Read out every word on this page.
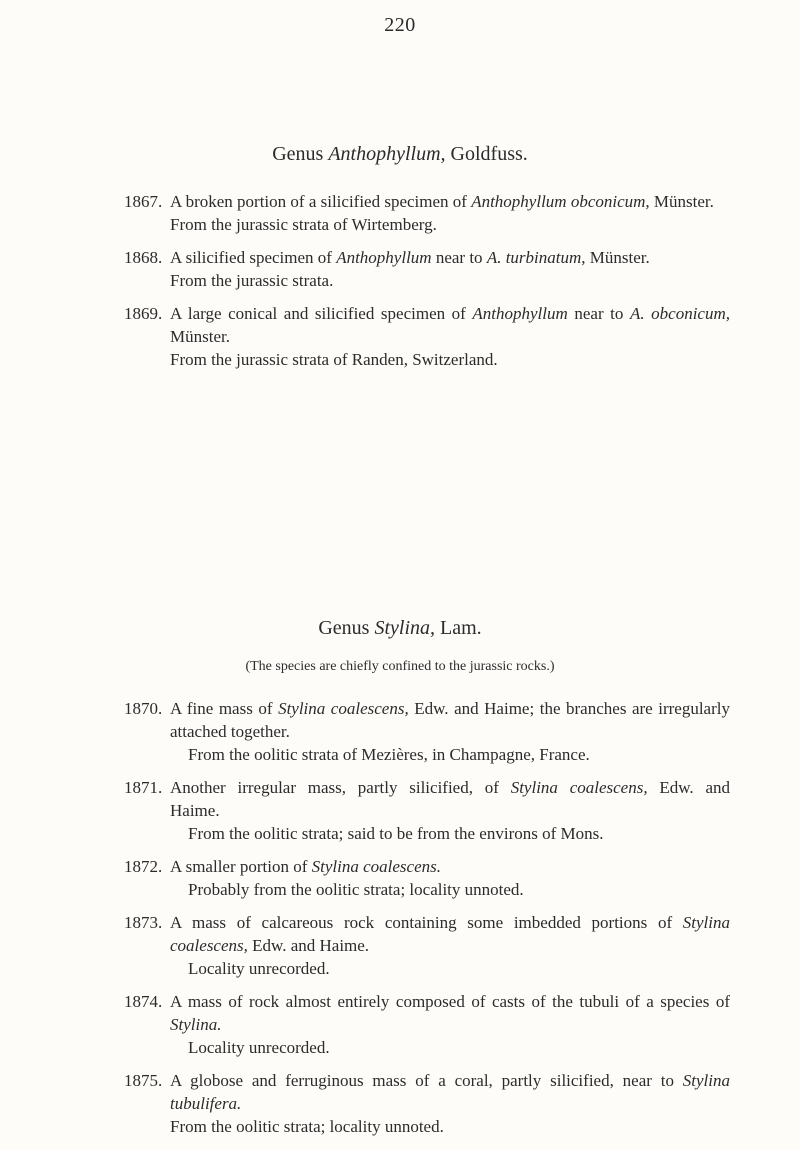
220
Genus Anthophyllum, Goldfuss.
1867. A broken portion of a silicified specimen of Anthophyllum obconicum, Münster.
From the jurassic strata of Wirtemberg.
1868. A silicified specimen of Anthophyllum near to A. turbinatum, Münster.
From the jurassic strata.
1869. A large conical and silicified specimen of Anthophyllum near to A. obconicum,
Münster.
From the jurassic strata of Randen, Switzerland.
Genus Stylina, Lam.
(The species are chiefly confined to the jurassic rocks.)
1870. A fine mass of Stylina coalescens, Edw. and Haime; the branches are irregularly
attached together.
From the oolitic strata of Mezières, in Champagne, France.
1871. Another irregular mass, partly silicified, of Stylina coalescens, Edw. and
Haime.
From the oolitic strata; said to be from the environs of Mons.
1872. A smaller portion of Stylina coalescens.
Probably from the oolitic strata; locality unnoted.
1873. A mass of calcareous rock containing some imbedded portions of Stylina
coalescens, Edw. and Haime.
Locality unrecorded.
1874. A mass of rock almost entirely composed of casts of the tubuli of a species of
Stylina.
Locality unrecorded.
1875. A globose and ferruginous mass of a coral, partly silicified, near to Stylina
tubulifera.
From the oolitic strata; locality unnoted.
